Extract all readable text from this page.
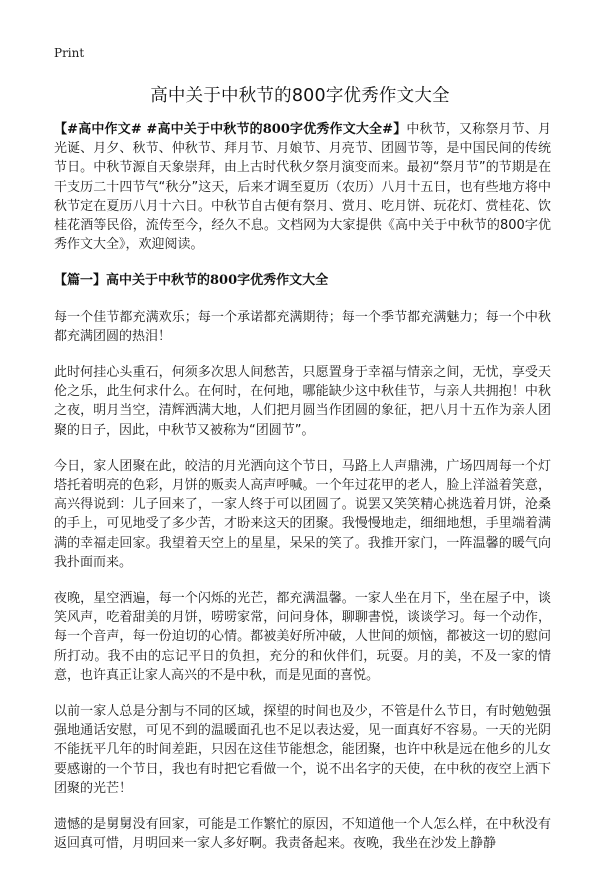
Print
高中关于中秋节的800字优秀作文大全

【#高中作文# #高中关于中秋节的800字优秀作文大全#】中秋节，又称祭月节、月光诞、月夕、秋节、仲秋节、拜月节、月娘节、月亮节、团圆节等，是中国民间的传统节日。中秋节源自天象崇拜，由上古时代秋夕祭月演变而来。最初“祭月节”的节期是在干支历二十四节气“秋分”这天，后来才调至夏历（农历）八月十五日，也有些地方将中秋节定在夏历八月十六日。中秋节自古便有祭月、赏月、吃月饼、玩花灯、赏桂花、饮桂花酒等民俗，流传至今，经久不息。文档网为大家提供《高中关于中秋节的800字优秀作文大全》，欢迎阅读。

【篇一】高中关于中秋节的800字优秀作文大全

每一个佳节都充满欢乐；每一个承诺都充满期待；每一个季节都充满魅力；每一个中秋都充满团圆的热泪！

此时何挂心头重石，何须多次思人间愁苦，只愿置身于幸福与情亲之间，无忧，享受天伦之乐，此生何求什么。在何时，在何地，哪能缺少这中秋佳节，与亲人共拥抱！中秋之夜，明月当空，清辉洒满大地，人们把月圆当作团圆的象征，把八月十五作为亲人团聚的日子，因此，中秋节又被称为“团圆节”。

今日，家人团聚在此，皎洁的月光洒向这个节日，马路上人声鼎沸，广场四周每一个灯塔托着明亮的色彩，月饼的贩卖人高声呼喊。一个年过花甲的老人，脸上洋溢着笑意，高兴得说到：儿子回来了，一家人终于可以团圆了。说罢又笑笑精心挑选着月饼，沧桑的手上，可见地受了多少苦，才盼来这天的团聚。我慢慢地走，细细地想，手里端着满满的幸福走回家。我望着天空上的星星，呆呆的笑了。我推开家门，一阵温馨的暖气向我扑面而来。

夜晚，星空洒遍，每一个闪烁的光芒，都充满温馨。一家人坐在月下，坐在屋子中，谈笑风声，吃着甜美的月饼，唠唠家常，问问身体，聊聊書悦，谈谈学习。每一个动作，每一个音声，每一份迫切的心情。都被美好所冲破，人世间的烦恼，都被这一切的慰问所打动。我不由的忘记平日的负担，充分的和伙伴们，玩耍。月的美，不及一家的情意，也许真正让家人高兴的不是中秋，而是见面的喜悦。

以前一家人总是分割与不同的区域，探望的时间也及少，不管是什么节日，有时勉勉强强地通话安慰，可见不到的温暖面孔也不足以表达爱，见一面真好不容易。一天的光阴不能抚平几年的时间差距，只因在这佳节能想念，能团聚，也许中秋是远在他乡的儿女要感谢的一个节日，我也有时把它看做一个，说不出名字的天使，在中秋的夜空上洒下团聚的光芒！

遗憾的是舅舅没有回家，可能是工作繁忙的原因，不知道他一个人怎么样，在中秋没有返回真可惜，月明回来一家人多好啊。我责备起来。夜晚，我坐在沙发上静静
